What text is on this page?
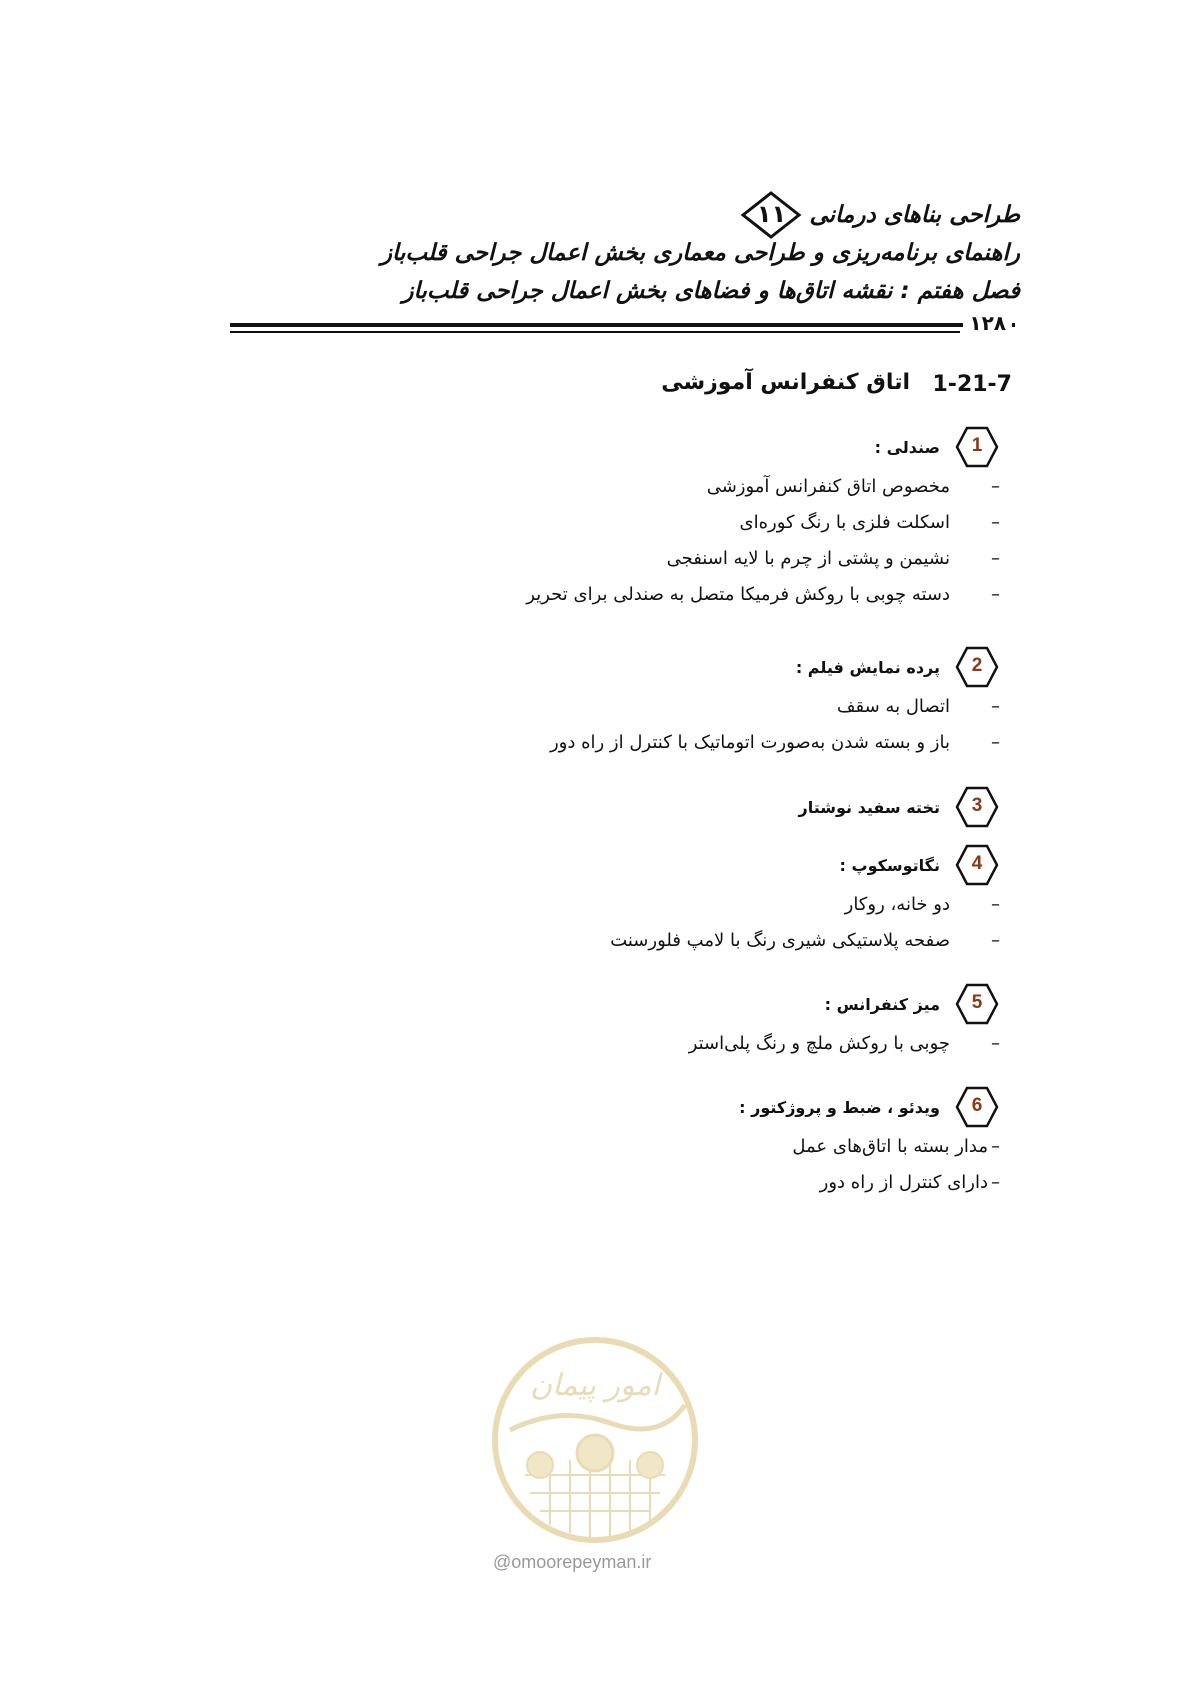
طراحی بناهای درمانی
۱۱
راهنمای برنامه‌ریزی و طراحی معماری بخش اعمال جراحی قلب‌باز
فصل هفتم : نقشه اتاق‌ها و فضاهای بخش اعمال جراحی قلب‌باز
۱۲۸
1-21-7
اتاق کنفرانس آموزشی
1
صندلی :
–
مخصوص اتاق کنفرانس آموزشی
–
اسکلت فلزی با رنگ کوره‌ای
–
نشیمن و پشتی از چرم با لایه اسنفجی
–
دسته چوبی با روکش فرمیکا متصل به صندلی برای تحریر
2
پرده نمایش فیلم :
–
اتصال به سقف
–
باز و بسته شدن به‌صورت اتوماتیک با کنترل از راه دور
3
تخته سفید نوشتار
4
نگاتوسکوپ :
–
دو خانه، روکار
–
صفحه پلاستیکی شیری رنگ با لامپ فلورسنت
5
میز کنفرانس :
–
چوبی با روکش ملچ و رنگ پلی‌استر
6
ویدئو ، ضبط و پروژکتور :
–
مدار بسته با اتاق‌های عمل
–
دارای کنترل از راه دور
امور پیمان
@omoorepeyman.ir
